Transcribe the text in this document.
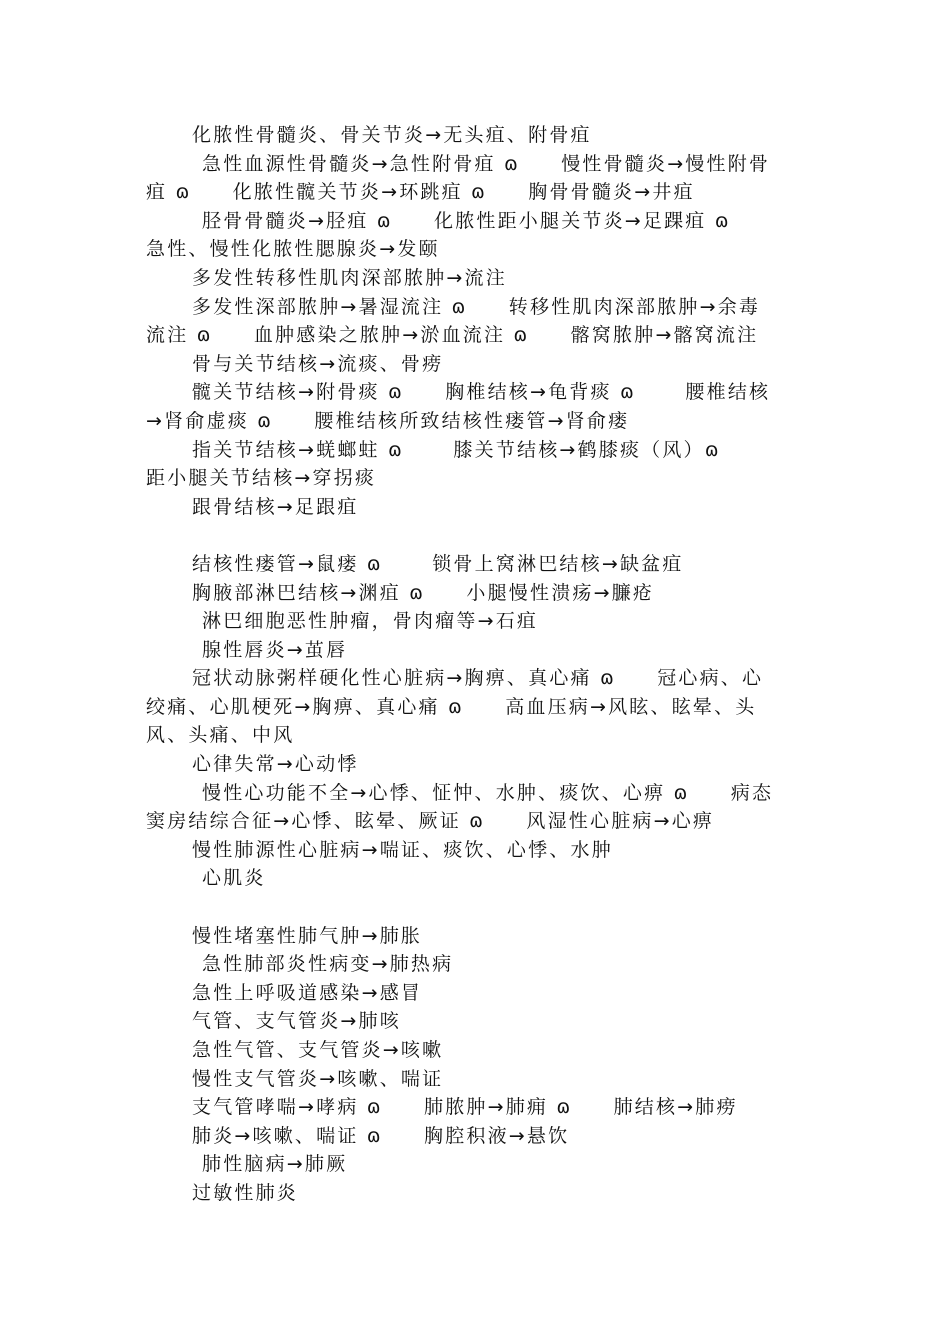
化脓性骨髓炎、骨关节炎→无头疽、附骨疽
急性血源性骨髓炎→急性附骨疽 ɷ     慢性骨髓炎→慢性附骨
疽 ɷ     化脓性髋关节炎→环跳疽 ɷ     胸骨骨髓炎→井疽
胫骨骨髓炎→胫疽 ɷ     化脓性距小腿关节炎→足踝疽 ɷ
急性、慢性化脓性腮腺炎→发颐
多发性转移性肌肉深部脓肿→流注
多发性深部脓肿→暑湿流注 ɷ     转移性肌肉深部脓肿→余毒
流注 ɷ     血肿感染之脓肿→淤血流注 ɷ     髂窝脓肿→髂窝流注
骨与关节结核→流痰、骨痨
髋关节结核→附骨痰 ɷ     胸椎结核→龟背痰 ɷ      腰椎结核
→肾俞虚痰 ɷ     腰椎结核所致结核性瘘管→肾俞瘘
指关节结核→蜣螂蛀 ɷ      膝关节结核→鹤膝痰（风）ɷ
距小腿关节结核→穿拐痰
跟骨结核→足跟疽
结核性瘘管→鼠瘘 ɷ      锁骨上窝淋巴结核→缺盆疽
胸腋部淋巴结核→渊疽 ɷ     小腿慢性溃疡→臁疮
淋巴细胞恶性肿瘤，骨肉瘤等→石疽
腺性唇炎→茧唇
冠状动脉粥样硬化性心脏病→胸痹、真心痛 ɷ     冠心病、心
绞痛、心肌梗死→胸痹、真心痛 ɷ     高血压病→风眩、眩晕、头
风、头痛、中风
心律失常→心动悸
慢性心功能不全→心悸、怔忡、水肿、痰饮、心痹 ɷ     病态
窦房结综合征→心悸、眩晕、厥证 ɷ     风湿性心脏病→心痹
慢性肺源性心脏病→喘证、痰饮、心悸、水肿
心肌炎
慢性堵塞性肺气肿→肺胀
急性肺部炎性病变→肺热病
急性上呼吸道感染→感冒
气管、支气管炎→肺咳
急性气管、支气管炎→咳嗽
慢性支气管炎→咳嗽、喘证
支气管哮喘→哮病 ɷ     肺脓肿→肺痈 ɷ     肺结核→肺痨
肺炎→咳嗽、喘证 ɷ     胸腔积液→悬饮
肺性脑病→肺厥
过敏性肺炎
